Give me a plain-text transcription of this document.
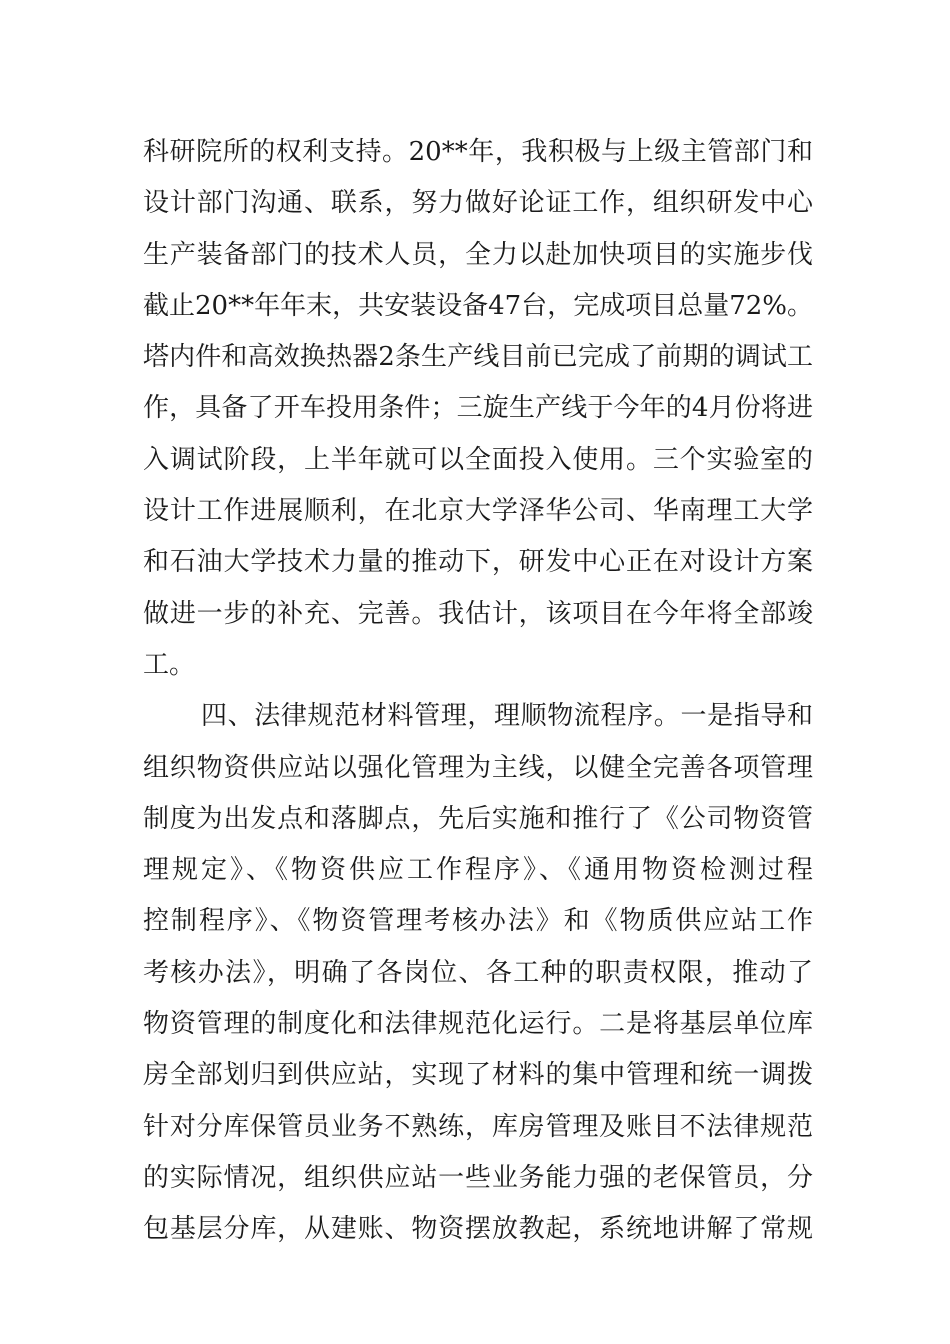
科研院所的权利支持。20**年，我积极与上级主管部门和
设计部门沟通、联系，努力做好论证工作，组织研发中心
生产装备部门的技术人员，全力以赴加快项目的实施步伐
截止20**年年末，共安装设备47台，完成项目总量72%。
塔内件和高效换热器2条生产线目前已完成了前期的调试工
作，具备了开车投用条件；三旋生产线于今年的4月份将进
入调试阶段，上半年就可以全面投入使用。三个实验室的
设计工作进展顺利，在北京大学泽华公司、华南理工大学
和石油大学技术力量的推动下，研发中心正在对设计方案
做进一步的补充、完善。我估计，该项目在今年将全部竣
工。
四、法律规范材料管理，理顺物流程序。一是指导和
组织物资供应站以强化管理为主线，以健全完善各项管理
制度为出发点和落脚点，先后实施和推行了《公司物资管
理规定》、《物资供应工作程序》、《通用物资检测过程
控制程序》、《物资管理考核办法》和《物质供应站工作
考核办法》，明确了各岗位、各工种的职责权限，推动了
物资管理的制度化和法律规范化运行。二是将基层单位库
房全部划归到供应站，实现了材料的集中管理和统一调拨
针对分库保管员业务不熟练，库房管理及账目不法律规范
的实际情况，组织供应站一些业务能力强的老保管员，分
包基层分库，从建账、物资摆放教起，系统地讲解了常规
